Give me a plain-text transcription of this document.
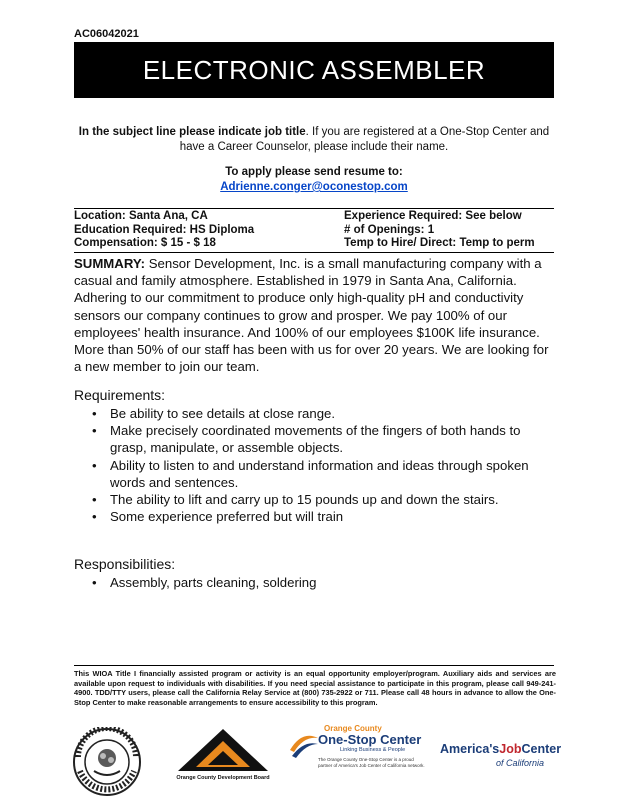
AC06042021
ELECTRONIC ASSEMBLER
In the subject line please indicate job title. If you are registered at a One-Stop Center and have a Career Counselor, please include their name.
To apply please send resume to:
Adrienne.conger@oconestop.com
Location: Santa Ana, CA	Experience Required: See below
Education Required: HS Diploma	# of Openings: 1
Compensation: $ 15 - $ 18	Temp to Hire/ Direct: Temp to perm
SUMMARY: Sensor Development, Inc. is a small manufacturing company with a casual and family atmosphere. Established in 1979 in Santa Ana, California. Adhering to our commitment to produce only high-quality pH and conductivity sensors our company continues to grow and prosper. We pay 100% of our employees' health insurance. And 100% of our employees $100K life insurance. More than 50% of our staff has been with us for over 20 years. We are looking for a new member to join our team.
Requirements:
• Be ability to see details at close range.
• Make precisely coordinated movements of the fingers of both hands to grasp, manipulate, or assemble objects.
• Ability to listen to and understand information and ideas through spoken words and sentences.
• The ability to lift and carry up to 15 pounds up and down the stairs.
• Some experience preferred but will train
Responsibilities:
• Assembly, parts cleaning, soldering
This WIOA Title I financially assisted program or activity is an equal opportunity employer/program. Auxiliary aids and services are available upon request to individuals with disabilities. If you need special assistance to participate in this program, please call 949-241-4900. TDD/TTY users, please call the California Relay Service at (800) 735-2922 or 711. Please call 48 hours in advance to allow the One-Stop Center to make reasonable arrangements to ensure accessibility to this program.
Orange County Development Board
Orange County
One-Stop Center
Linking Business & People
The Orange County One-Stop Center is a proud partner of America's Job Center of California network.
America'sJobCenter
of California
